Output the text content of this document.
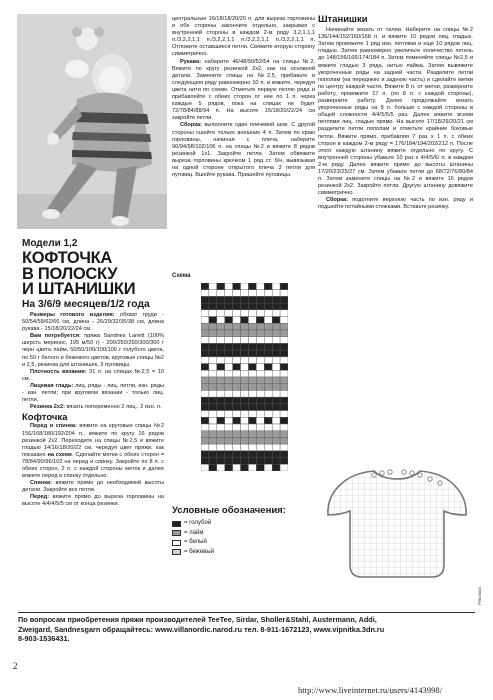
Модели 1,2
КОФТОЧКА
В ПОЛОСКУ
И ШТАНИШКИ
На 3/6/9 месяцев/1/2 года

Размеры готового изделия: обхват груди - 50/54/58/62/66 см, длина - 26/29/32/35/38 см, длина рукава - 15/18/20/22/24 см.

Вам потребуется: пряжа Sandnes Lanett (100% шерсть мериноc, 195 м/50 г) - 200/250/250/300/300 г черн цвета лайм, 50/50/100/100/100 г голубого цвета, по 50 г белого и бежевого цветов, круговые спицы №2 и 2,5, резинка для штанишек, 3 пуговицы.

Плотность вязания: 31 п. на спицах №2,5 = 10 см.

Лицевая гладь: лиц. ряды - лиц. петли, изн. ряды - изн. петли; при круговом вязании - только лиц. петли.

Резинка 2х2: вязать попеременно 2 лиц., 2 изн. п.

Кофточка

Перед и спинка: вяжите на круговые спицы №2 156/168/180/192/204 п., вяжите по кругу 16 рядов резинкой 2х2. Переходите на спицы №2,5 и вяжите гладью 14/16/18/20/22 см, чередуя цвет пряжи, как показано на схеме. Сделайте метки с обеих сторон = 78/84/90/96/102 на перед и спинку. Закройте по 8 п. с обеих сторон, 2 п. с каждой стороны меток и далее вяжите перед и спинку отдельно.

Спинка: вяжите прямо до необходимой высоты детали. Закройте все петли.

Перед: вяжите прямо до выреза горловины на высоте 4/4/4/5/5 см от конца резинки.

центральные 16/18/18/20/20 п. для выреза горловины и обе стороны закончите отдельно, закрывая с внутренней стороны в каждом 2-м ряду 3,2,1,1,1 п./3,2,2,1,1 п./3,2,2,1,1 п./3,2,2,1,1 п./3,2,2,1,1 п. Отложите оставшиеся петли. Свяжите вторую сторону симметрично.

Рукава: наберите 46/48/50/52/54 на спицы №2. Вяжите по кругу резинкой 2х2, как на основной детали. Замените спицы на №2,5, прибавьте в следующем ряду равномерно 10 п. и вяжите, чередуя цвета нити по схеме. Отметьте первую петлю ряда и прибавляйте с обеих сторон от нее по 1 п. через каждые 5 рядов, пока на спицах не будет 72/78/84/88/94 п. На высоте 15/18/20/22/24 см закройте петли.

Сборка: выполните один плечевой шов. С другой стороны сшейте только внешние 4 п. Затем по краю горловины, начиная с плеча, наберите 90/94/98/102/106 п. на спицы №2 и вяжите 8 рядов резинкой 1х1. Закройте петли. Затем обвяжите выреза горловины крючком 1 ряд ст. б/н, вывязывая на одной стороне открытого плеча 3 петли для пуговиц. Вшейте рукава. Пришейте пуговицы.

Схема
Условные обозначения:
= голубой
= лайм
= белый
= бежевый
Штанишки

Начинайте вязать от талии. Наберите на спицы №2 136/144/152/160/168 п. и вяжите 10 рядов лиц. гладью. Затем провяжите 1 ряд изн. петлями и еще 10 рядов лиц. гладью. Затем равномерно увеличьте количество петель до 148/156/166/174/184 п. Затем поменяйте спицы №2,5 и вяжите гладью 3 ряда, нитью лайма. Затем вывяжите укороченные ряды на задней части. Разделите петли пополам (на переднюю и заднюю часть) и сделайте метки по центру каждой части. Вяжите 8 п. от метки, разверните работу, провяжите 17 п. (по 8 п. с каждой стороны), разверните работу. Далее продолжайте вязать укороченные ряды на 8 п. больше с каждой стороны в общей сложности 4/4/5/5/5 раз. Далее вяжите всеми петлями лиц. гладью прямо. На высоте 17/18/29/20/21 см разделите петли пополам и отметьте крайние боковые петли. Вяжите прямо, прибавляя 7 раз х 1 п. с обеих сторон в каждом 2-м ряду = 176/184/194/202/212 п. После этого каждую штанину вяжите отдельно по кругу. С внутренней стороны убавьте 10 раз х 4/4/5/6/ п. в каждом 2-м ряду. Далее вяжите прямо до высоты штанины 17/20/23/25/27 см. Затем убавьте петли до 68/72/76/80/84 п. Затем замените спицы на №2 и вяжите 16 рядов резинкой 2х2. Закройте петли. Другую штанину довяжите симметрично.

Сборка: подогните верхнюю часть по изн. ряду и подшейте потайными стежками. Вставьте резинку.

Реклама
По вопросам приобретения пряжи производителей TeeTee, Sirdar, Sholler&Stahl, Austermann, Addi,
Zweigard, Sandnesgarn обращайтесь: www.villanordic.narod.ru тел. 8-911-1672123, www.vipnitka.3dn.ru
8-903-1536431.
2
http://www.liveinternet.ru/users/4143998/
